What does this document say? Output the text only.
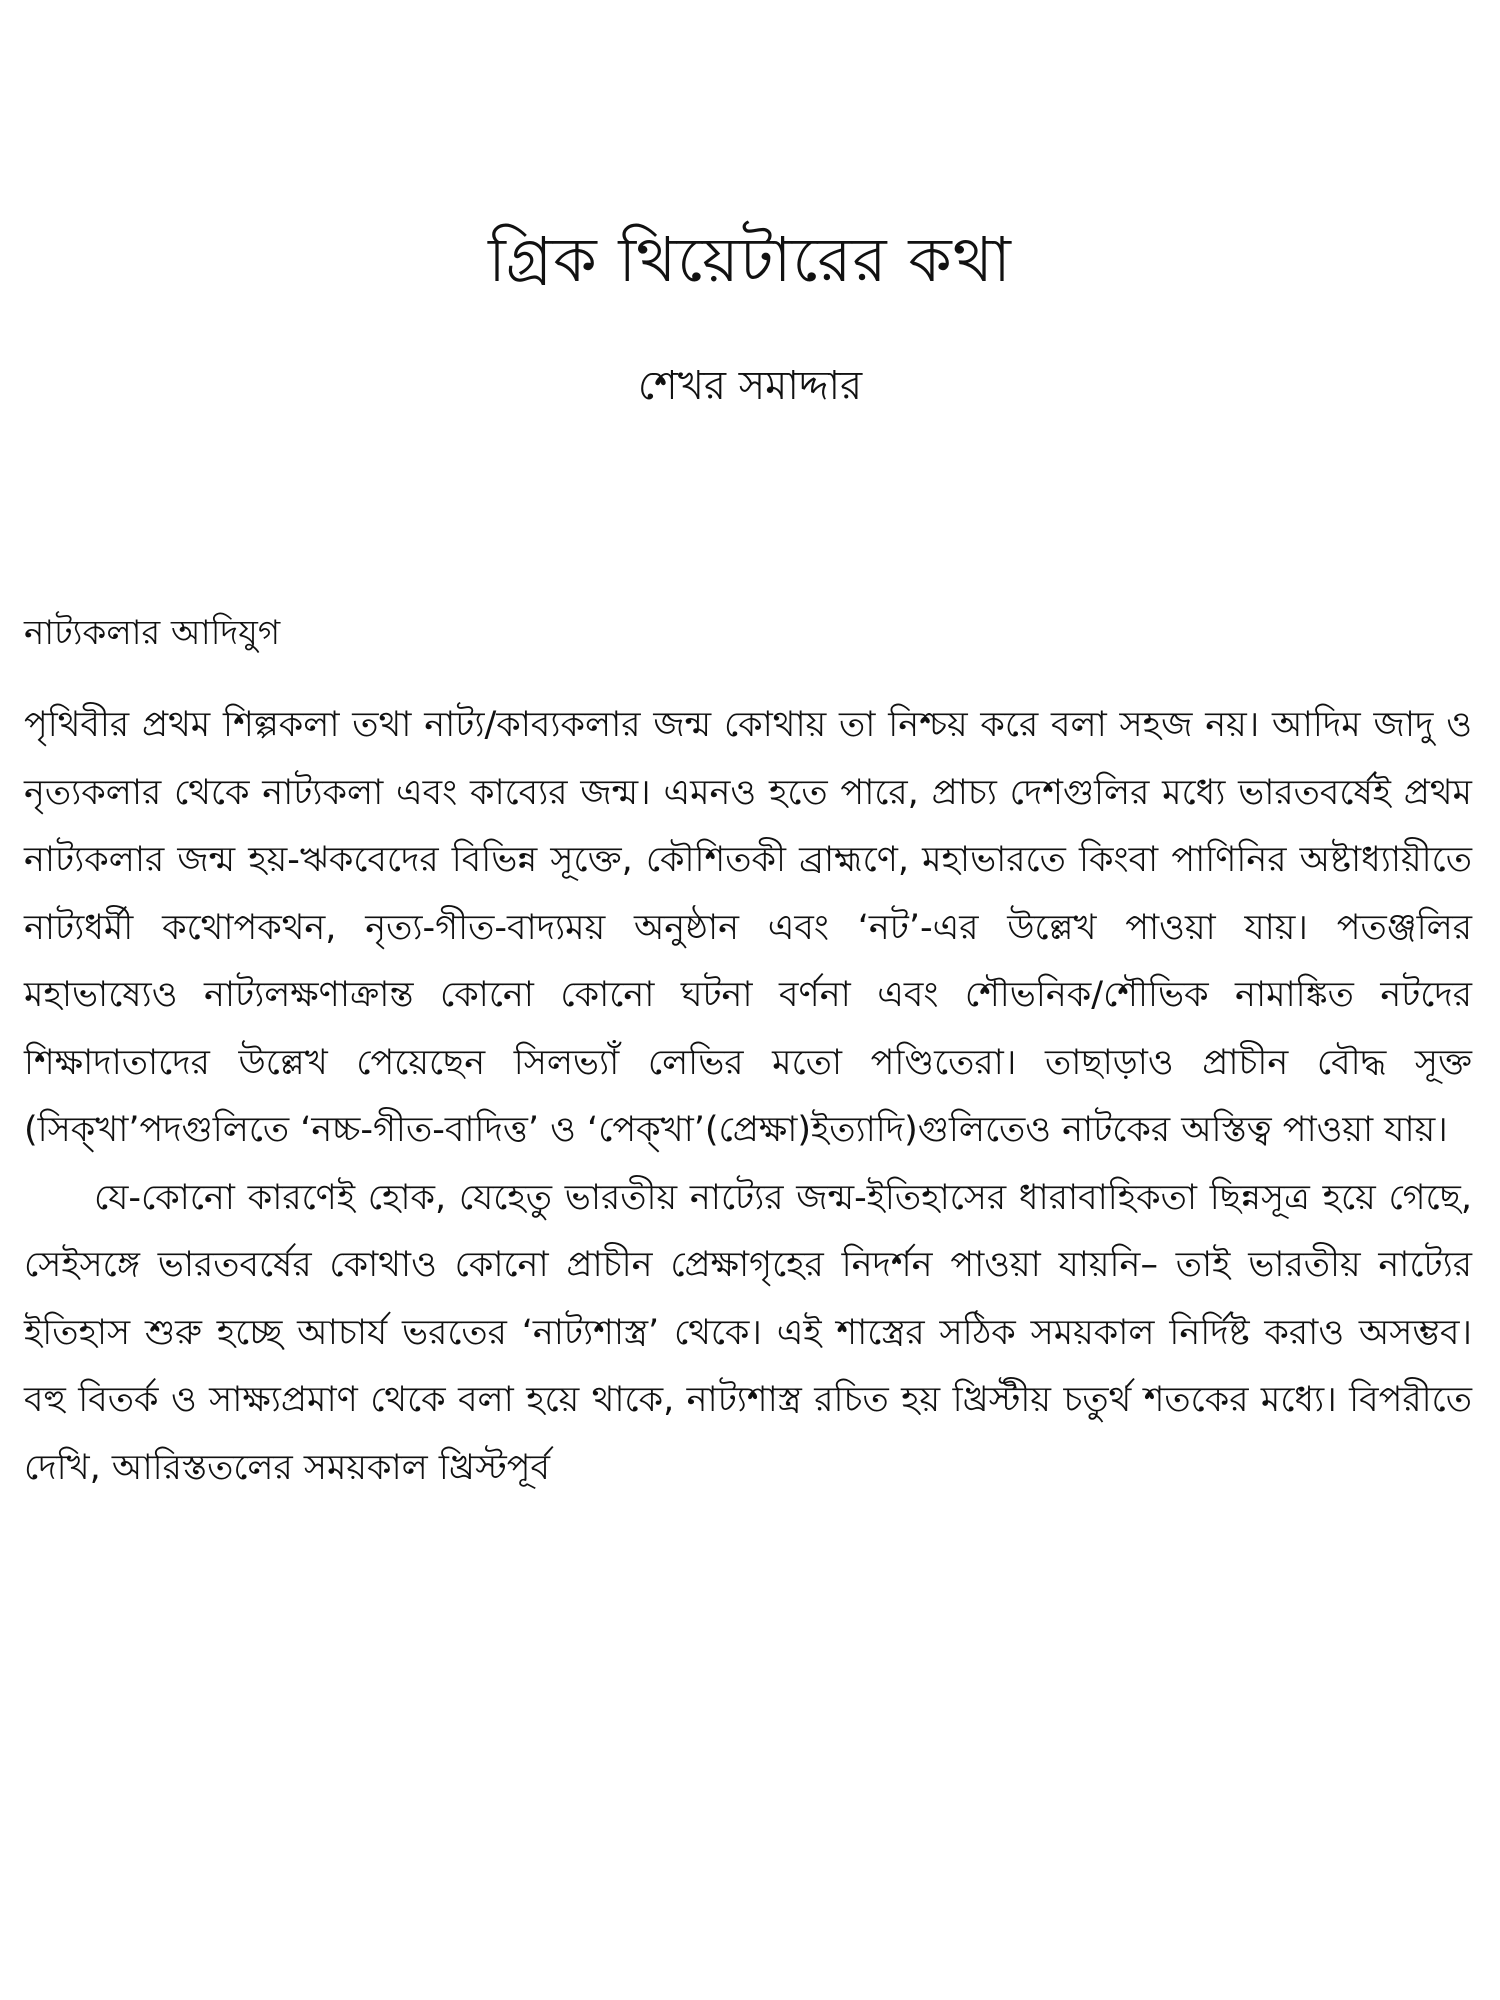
গ্রিক থিয়েটারের কথা
শেখর সমাদ্দার
নাট্যকলার আদিযুগ

পৃথিবীর প্রথম শিল্পকলা তথা নাট্য/কাব্যকলার জন্ম কোথায় তা নিশ্চয় করে বলা সহজ নয়। আদিম জাদু ও নৃত্যকলার থেকে নাট্যকলা এবং কাব্যের জন্ম। এমনও হতে পারে, প্রাচ্য দেশগুলির মধ্যে ভারতবর্ষেই প্রথম নাট্যকলার জন্ম হয়-ঋকবেদের বিভিন্ন সূক্তে, কৌশিতকী ব্রাহ্মণে, মহাভারতে কিংবা পাণিনির অষ্টাধ্যায়ীতে নাট্যধর্মী কথোপকথন, নৃত্য-গীত-বাদ্যময় অনুষ্ঠান এবং ‘নট’-এর উল্লেখ পাওয়া যায়। পতঞ্জলির মহাভাষ্যেও নাট্যলক্ষণাক্রান্ত কোনো কোনো ঘটনা বর্ণনা এবং শৌভনিক/শৌভিক নামাঙ্কিত নটদের শিক্ষাদাতাদের উল্লেখ পেয়েছেন সিলভ্যাঁ লেভির মতো পণ্ডিতেরা। তাছাড়াও প্রাচীন বৌদ্ধ সূক্ত (সিক্‌খা’পদগুলিতে ‘নচ্চ-গীত-বাদিত্ত’ ও ‘পেক্‌খা’(প্রেক্ষা)ইত্যাদি)গুলিতেও নাটকের অস্তিত্ব পাওয়া যায়।

যে-কোনো কারণেই হোক, যেহেতু ভারতীয় নাট্যের জন্ম-ইতিহাসের ধারাবাহিকতা ছিন্নসূত্র হয়ে গেছে, সেইসঙ্গে ভারতবর্ষের কোথাও কোনো প্রাচীন প্রেক্ষাগৃহের নিদর্শন পাওয়া যায়নি– তাই ভারতীয় নাট্যের ইতিহাস শুরু হচ্ছে আচার্য ভরতের ‘নাট্যশাস্ত্র’ থেকে। এই শাস্ত্রের সঠিক সময়কাল নির্দিষ্ট করাও অসম্ভব। বহু বিতর্ক ও সাক্ষ্যপ্রমাণ থেকে বলা হয়ে থাকে, নাট্যশাস্ত্র রচিত হয় খ্রিস্টীয় চতুর্থ শতকের মধ্যে। বিপরীতে দেখি, আরিস্ততলের সময়কাল খ্রিস্টপূর্ব
